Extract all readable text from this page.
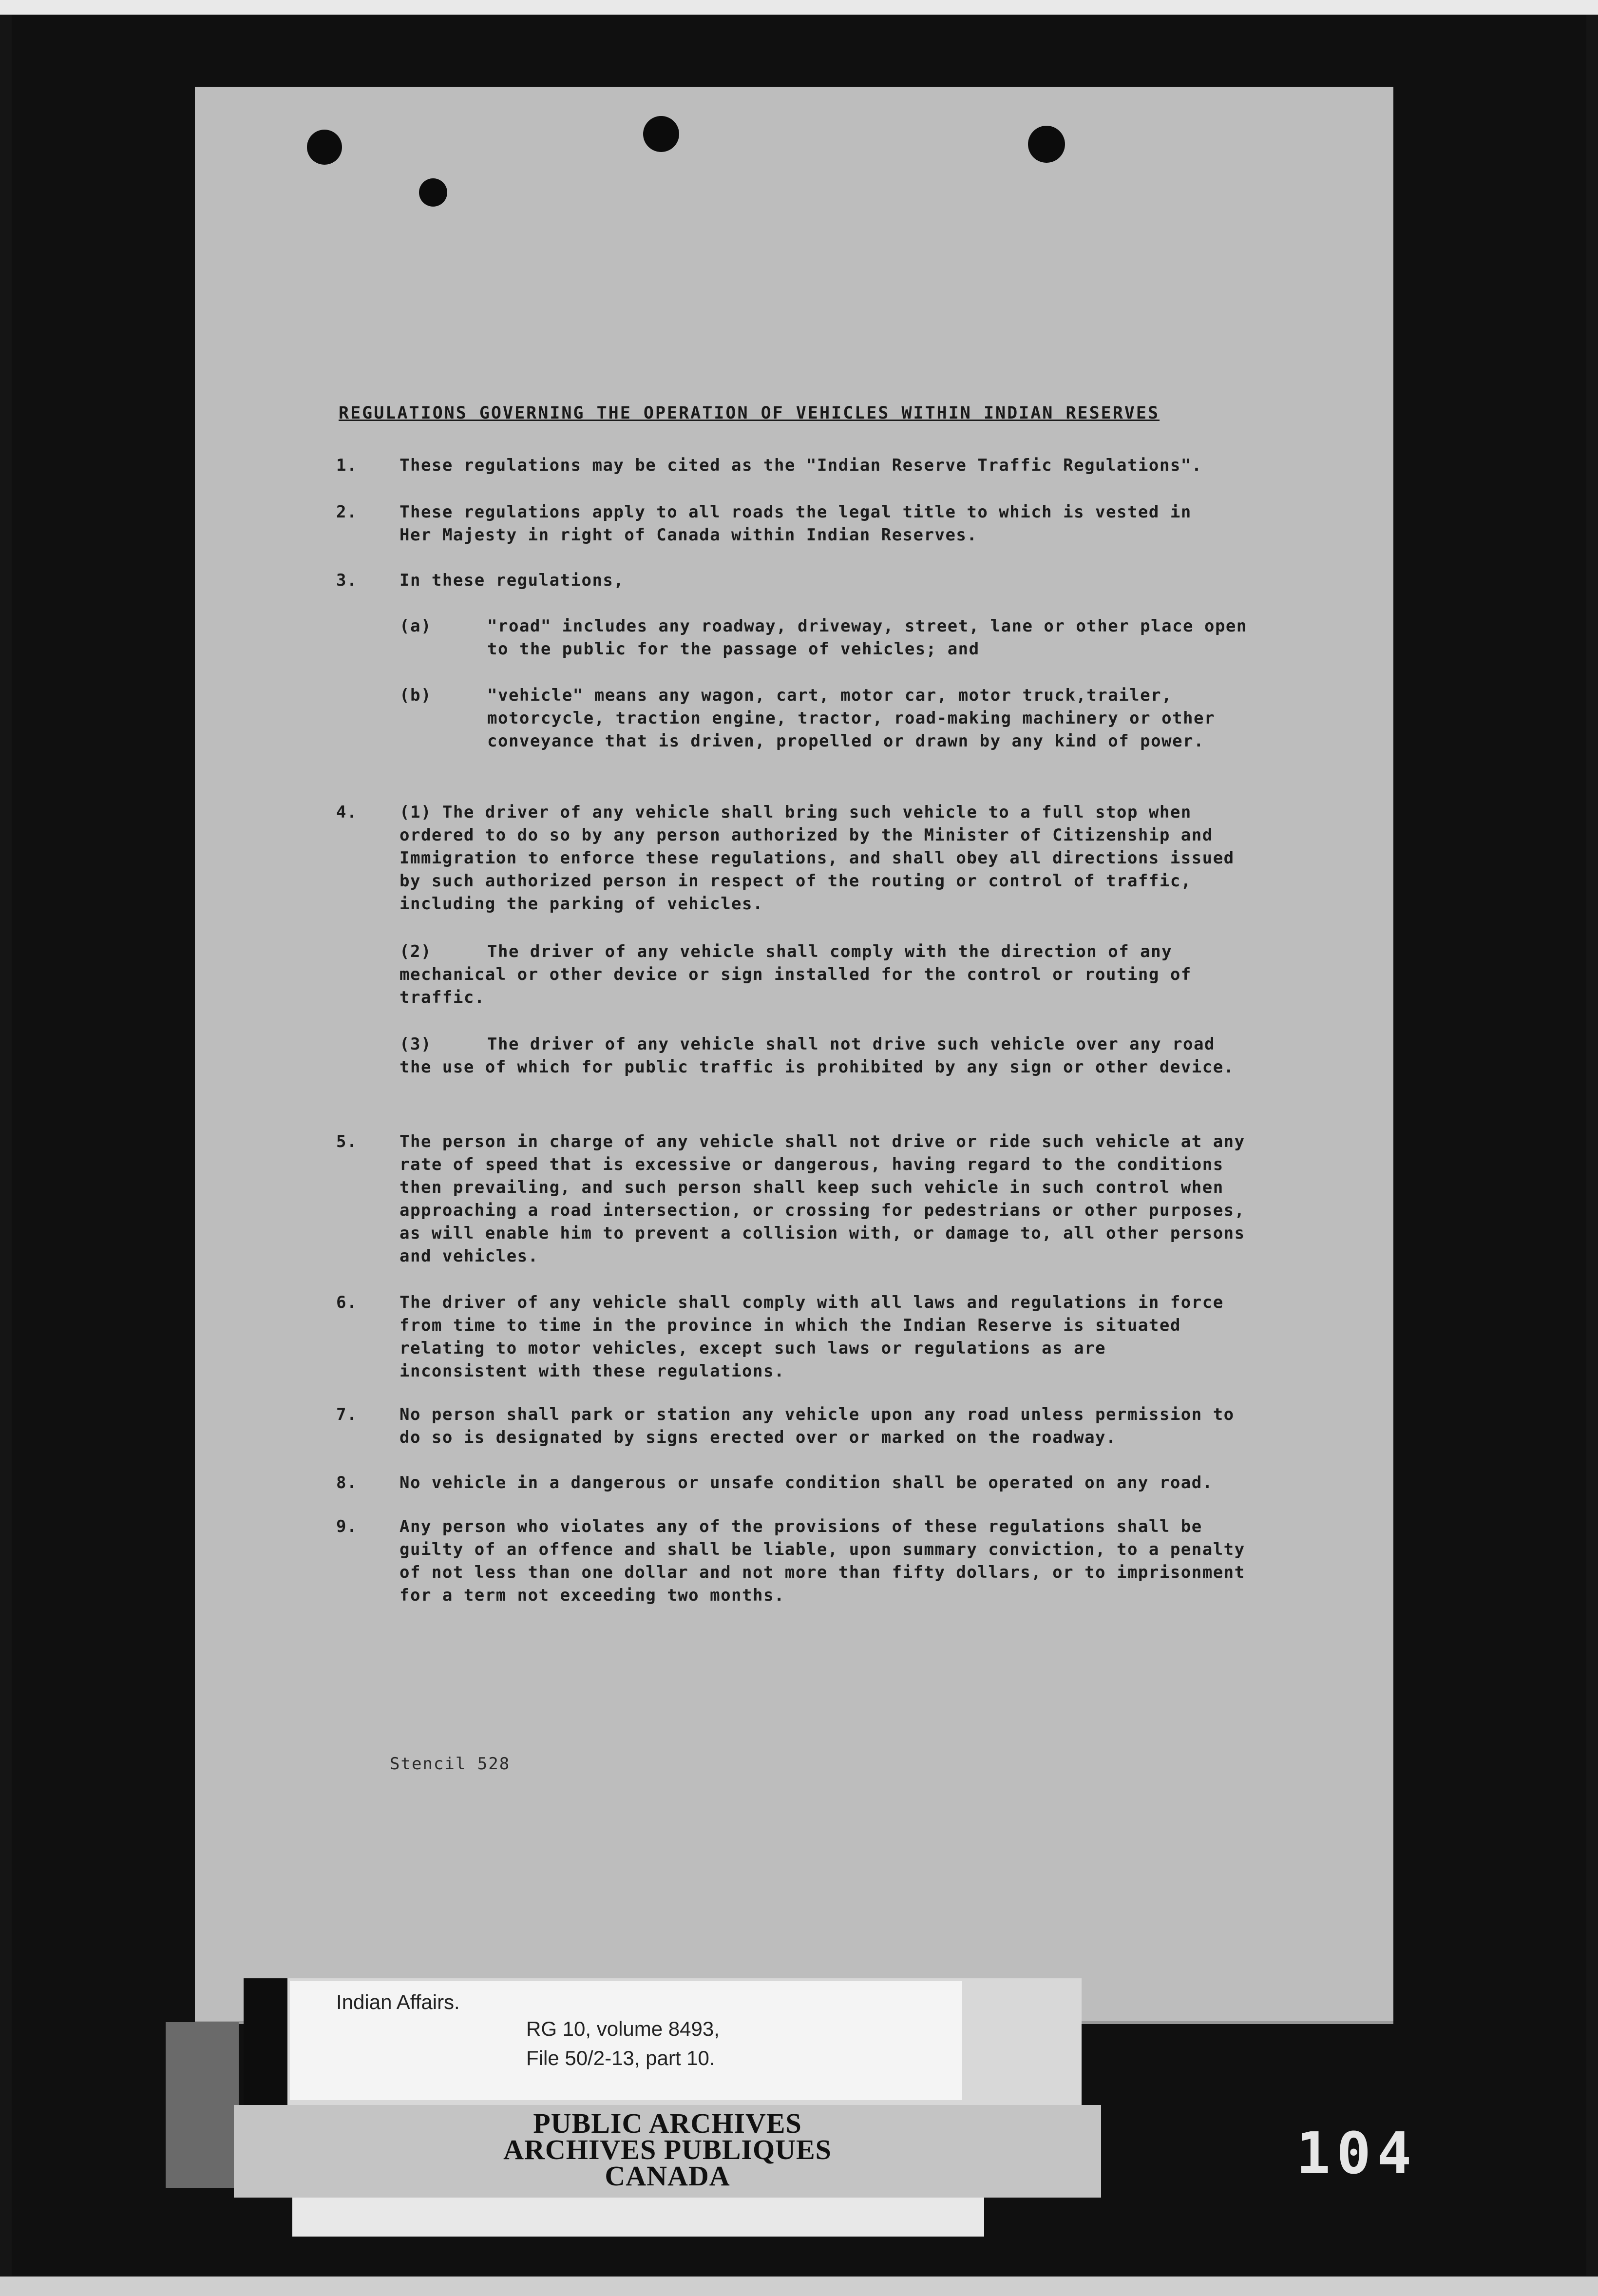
REGULATIONS GOVERNING THE OPERATION OF VEHICLES WITHIN INDIAN RESERVES
1.	These regulations may be cited as the "Indian Reserve Traffic Regulations".
2.	These regulations apply to all roads the legal title to which is vested in Her Majesty in right of Canada within Indian Reserves.
3.	In these regulations,
(a)	"road" includes any roadway, driveway, street, lane or other place open to the public for the passage of vehicles; and
(b)	"vehicle" means any wagon, cart, motor car, motor truck,trailer, motorcycle, traction engine, tractor, road-making machinery or other conveyance that is driven, propelled or drawn by any kind of power.
4.	(1) The driver of any vehicle shall bring such vehicle to a full stop when ordered to do so by any person authorized by the Minister of Citizenship and Immigration to enforce these regulations, and shall obey all directions issued by such authorized person in respect of the routing or control of traffic, including the parking of vehicles.
(2)	The driver of any vehicle shall comply with the direction of any mechanical or other device or sign installed for the control or routing of traffic.
(3)	The driver of any vehicle shall not drive such vehicle over any road the use of which for public traffic is prohibited by any sign or other device.
5.	The person in charge of any vehicle shall not drive or ride such vehicle at any rate of speed that is excessive or dangerous, having regard to the conditions then prevailing, and such person shall keep such vehicle in such control when approaching a road intersection, or crossing for pedestrians or other purposes, as will enable him to prevent a collision with, or damage to, all other persons and vehicles.
6.	The driver of any vehicle shall comply with all laws and regulations in force from time to time in the province in which the Indian Reserve is situated relating to motor vehicles, except such laws or regulations as are inconsistent with these regulations.
7.	No person shall park or station any vehicle upon any road unless permission to do so is designated by signs erected over or marked on the roadway.
8.	No vehicle in a dangerous or unsafe condition shall be operated on any road.
9.	Any person who violates any of the provisions of these regulations shall be guilty of an offence and shall be liable, upon summary conviction, to a penalty of not less than one dollar and not more than fifty dollars, or to imprisonment for a term not exceeding two months.
Stencil 528
Indian Affairs.
RG 10, volume 8493,
File 50/2-13, part 10.
PUBLIC ARCHIVES
ARCHIVES PUBLIQUES
CANADA	104
